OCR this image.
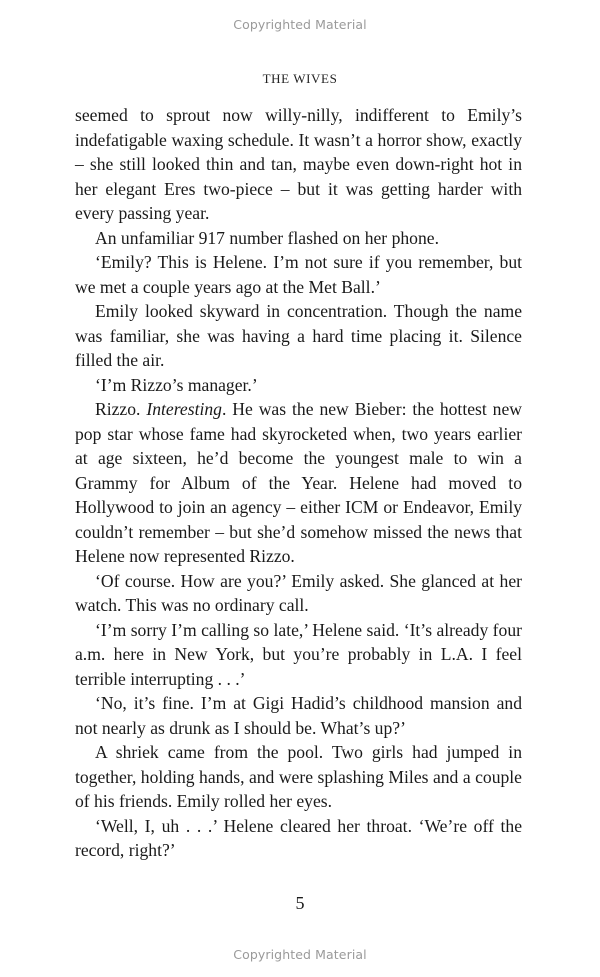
Copyrighted Material
THE WIVES

seemed to sprout now willy-nilly, indifferent to Emily’s indefatigable waxing schedule. It wasn’t a horror show, exactly – she still looked thin and tan, maybe even down-right hot in her elegant Eres two-piece – but it was getting harder with every passing year.

An unfamiliar 917 number flashed on her phone.

‘Emily? This is Helene. I’m not sure if you remember, but we met a couple years ago at the Met Ball.’

Emily looked skyward in concentration. Though the name was familiar, she was having a hard time placing it. Silence filled the air.

‘I’m Rizzo’s manager.’

Rizzo. Interesting. He was the new Bieber: the hottest new pop star whose fame had skyrocketed when, two years earlier at age sixteen, he’d become the youngest male to win a Grammy for Album of the Year. Helene had moved to Hollywood to join an agency – either ICM or Endeavor, Emily couldn’t remember – but she’d somehow missed the news that Helene now represented Rizzo.

‘Of course. How are you?’ Emily asked. She glanced at her watch. This was no ordinary call.

‘I’m sorry I’m calling so late,’ Helene said. ‘It’s already four a.m. here in New York, but you’re probably in L.A. I feel terrible interrupting . . .’

‘No, it’s fine. I’m at Gigi Hadid’s childhood mansion and not nearly as drunk as I should be. What’s up?’

A shriek came from the pool. Two girls had jumped in together, holding hands, and were splashing Miles and a couple of his friends. Emily rolled her eyes.

‘Well, I, uh . . .’ Helene cleared her throat. ‘We’re off the record, right?’

5
Copyrighted Material
